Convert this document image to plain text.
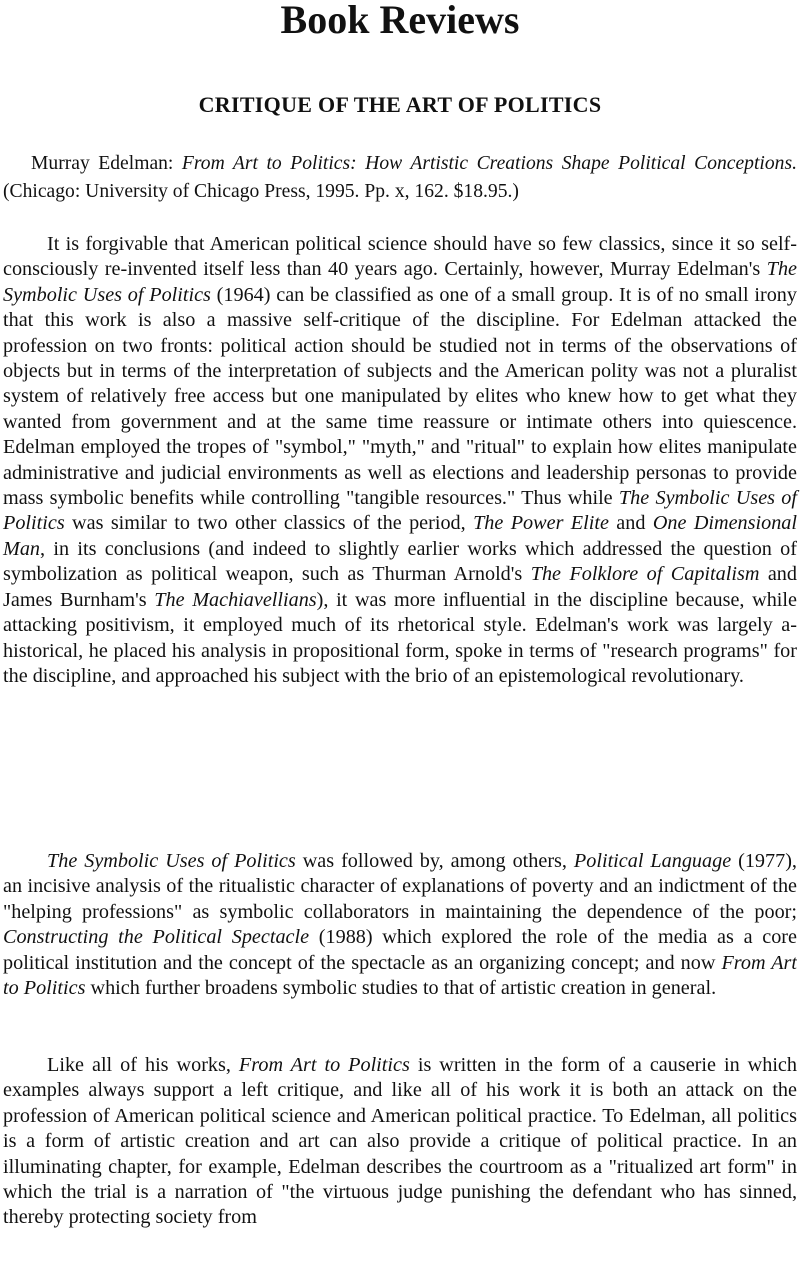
Book Reviews
CRITIQUE OF THE ART OF POLITICS

Murray Edelman: From Art to Politics: How Artistic Creations Shape Political Conceptions. (Chicago: University of Chicago Press, 1995. Pp. x, 162. $18.95.)

It is forgivable that American political science should have so few classics, since it so self-consciously re-invented itself less than 40 years ago. Certainly, however, Murray Edelman's The Symbolic Uses of Politics (1964) can be classified as one of a small group. It is of no small irony that this work is also a massive self-critique of the discipline. For Edelman attacked the profession on two fronts: political action should be studied not in terms of the observations of objects but in terms of the interpretation of subjects and the American polity was not a pluralist system of relatively free access but one manipulated by elites who knew how to get what they wanted from government and at the same time reassure or intimate others into quiescence. Edelman employed the tropes of "symbol," "myth," and "ritual" to explain how elites manipulate administrative and judicial environments as well as elections and leadership personas to provide mass symbolic benefits while controlling "tangible resources." Thus while The Symbolic Uses of Politics was similar to two other classics of the period, The Power Elite and One Dimensional Man, in its conclusions (and indeed to slightly earlier works which addressed the question of symbolization as political weapon, such as Thurman Arnold's The Folklore of Capitalism and James Burnham's The Machiavellians), it was more influential in the discipline because, while attacking positivism, it employed much of its rhetorical style. Edelman's work was largely a-historical, he placed his analysis in propositional form, spoke in terms of "research programs" for the discipline, and approached his subject with the brio of an epistemological revolutionary.

The Symbolic Uses of Politics was followed by, among others, Political Language (1977), an incisive analysis of the ritualistic character of explanations of poverty and an indictment of the "helping professions" as symbolic collaborators in maintaining the dependence of the poor; Constructing the Political Spectacle (1988) which explored the role of the media as a core political institution and the concept of the spectacle as an organizing concept; and now From Art to Politics which further broadens symbolic studies to that of artistic creation in general.

Like all of his works, From Art to Politics is written in the form of a causerie in which examples always support a left critique, and like all of his work it is both an attack on the profession of American political science and American political practice. To Edelman, all politics is a form of artistic creation and art can also provide a critique of political practice. In an illuminating chapter, for example, Edelman describes the courtroom as a "ritualized art form" in which the trial is a narration of "the virtuous judge punishing the defendant who has sinned, thereby protecting society from
